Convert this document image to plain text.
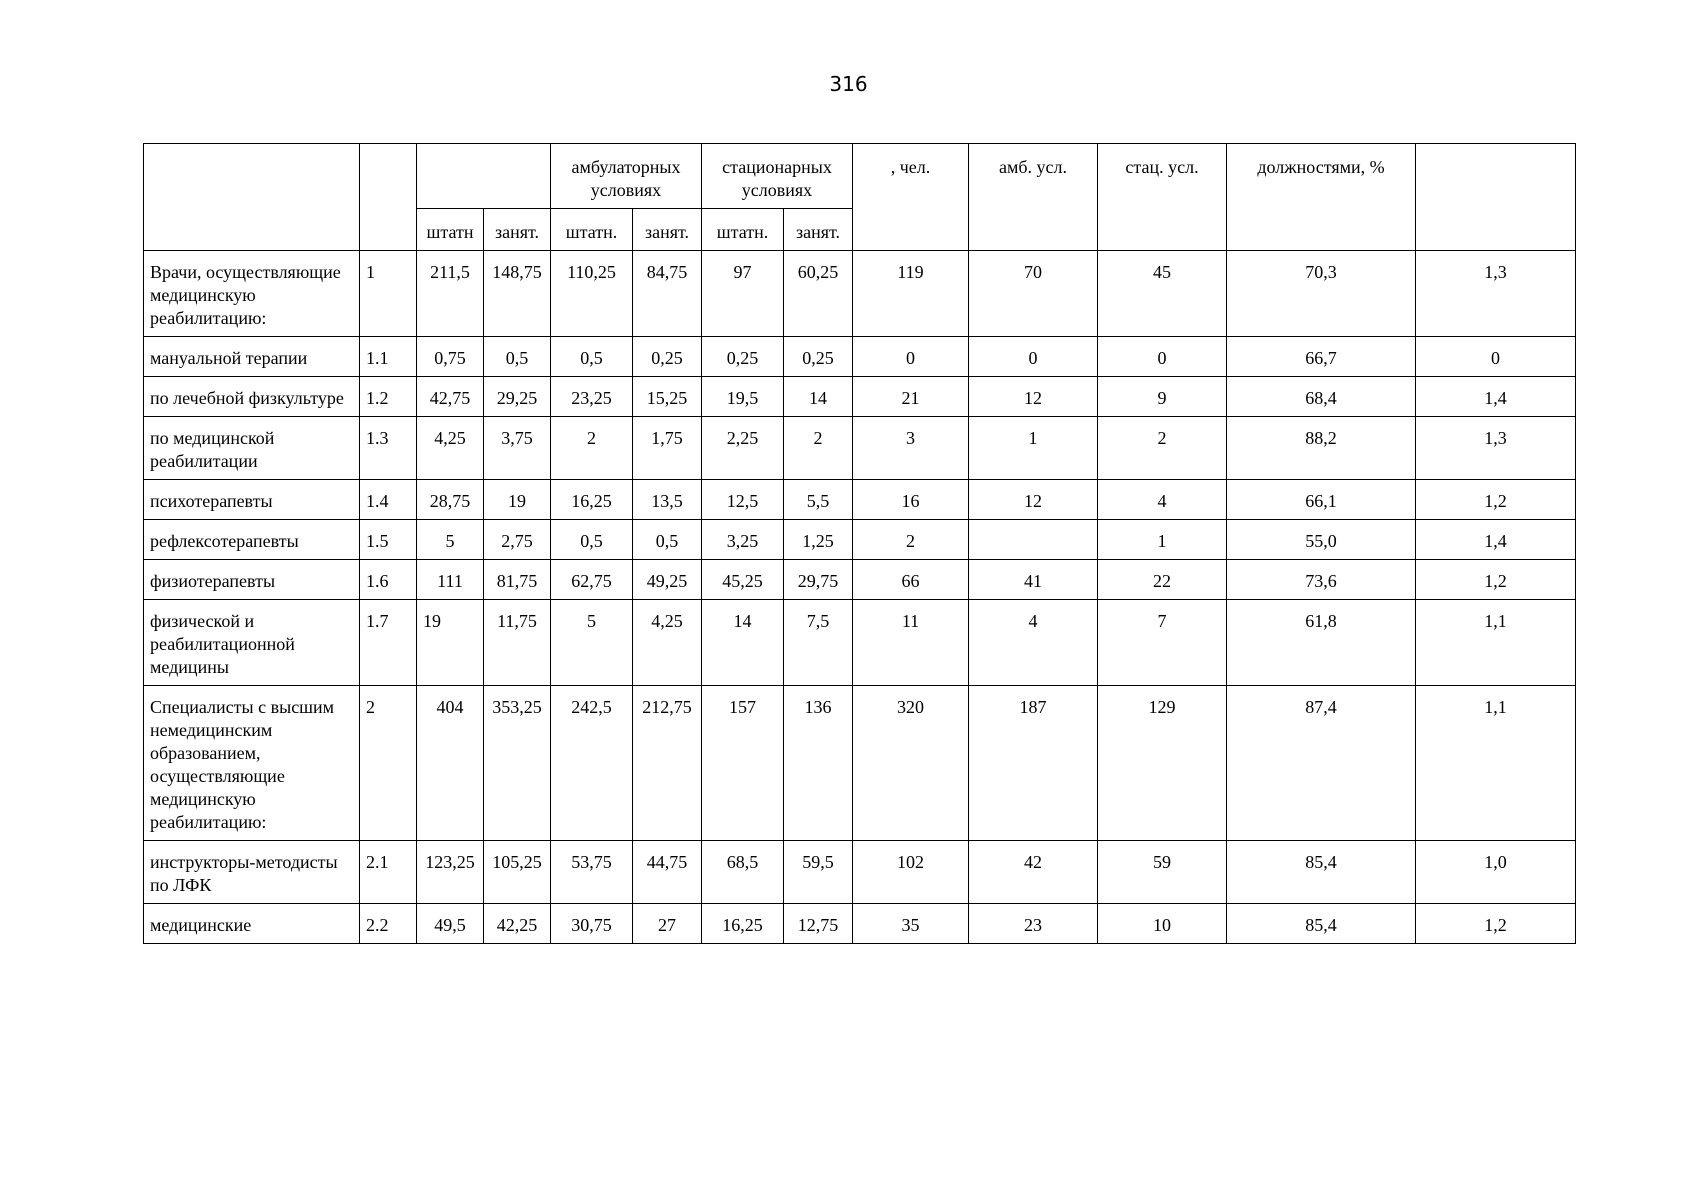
316
				амбулаторных условиях		стационарных условиях		, чел.	амб. усл.	стац. усл.	должностями, %	
		штатн	занят.	штатн.	занят.	штатн.	занят.					
Врачи, осуществляющие медицинскую реабилитацию:	1	211,5	148,75	110,25	84,75	97	60,25	119	70	45	70,3	1,3
мануальной терапии	1.1	0,75	0,5	0,5	0,25	0,25	0,25	0	0	0	66,7	0
по лечебной физкультуре	1.2	42,75	29,25	23,25	15,25	19,5	14	21	12	9	68,4	1,4
по медицинской реабилитации	1.3	4,25	3,75	2	1,75	2,25	2	3	1	2	88,2	1,3
психотерапевты	1.4	28,75	19	16,25	13,5	12,5	5,5	16	12	4	66,1	1,2
рефлексотерапевты	1.5	5	2,75	0,5	0,5	3,25	1,25	2		1	55,0	1,4
физиотерапевты	1.6	111	81,75	62,75	49,25	45,25	29,75	66	41	22	73,6	1,2
физической и реабилитационной медицины	1.7	19	11,75	5	4,25	14	7,5	11	4	7	61,8	1,1
Специалисты с высшим немедицинским образованием, осуществляющие медицинскую реабилитацию:	2	404	353,25	242,5	212,75	157	136	320	187	129	87,4	1,1
инструкторы-методисты по ЛФК	2.1	123,25	105,25	53,75	44,75	68,5	59,5	102	42	59	85,4	1,0
медицинские	2.2	49,5	42,25	30,75	27	16,25	12,75	35	23	10	85,4	1,2
